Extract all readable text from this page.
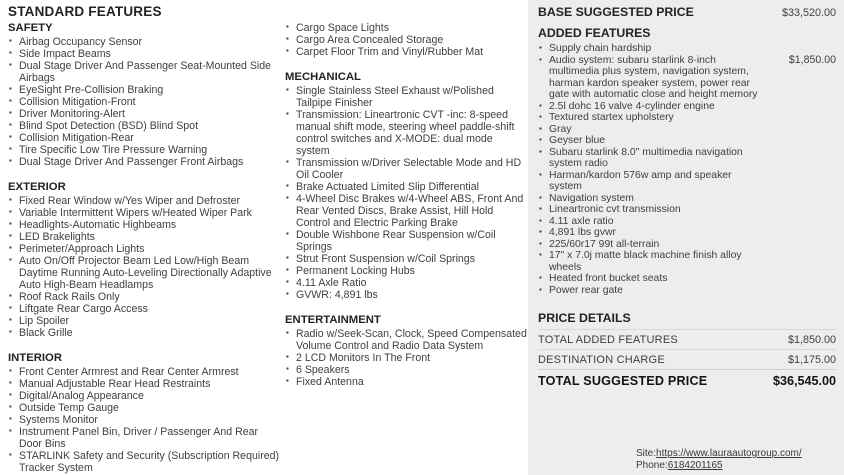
STANDARD FEATURES
SAFETY
▪ Airbag Occupancy Sensor
▪ Side Impact Beams
▪ Dual Stage Driver And Passenger Seat-Mounted Side Airbags
▪ EyeSight Pre-Collision Braking
▪ Collision Mitigation-Front
▪ Driver Monitoring-Alert
▪ Blind Spot Detection (BSD) Blind Spot
▪ Collision Mitigation-Rear
▪ Tire Specific Low Tire Pressure Warning
▪ Dual Stage Driver And Passenger Front Airbags
EXTERIOR
▪ Fixed Rear Window w/Yes Wiper and Defroster
▪ Variable Intermittent Wipers w/Heated Wiper Park
▪ Headlights-Automatic Highbeams
▪ LED Brakelights
▪ Perimeter/Approach Lights
▪ Auto On/Off Projector Beam Led Low/High Beam Daytime Running Auto-Leveling Directionally Adaptive Auto High-Beam Headlamps
▪ Roof Rack Rails Only
▪ Liftgate Rear Cargo Access
▪ Lip Spoiler
▪ Black Grille
INTERIOR
▪ Front Center Armrest and Rear Center Armrest
▪ Manual Adjustable Rear Head Restraints
▪ Digital/Analog Appearance
▪ Outside Temp Gauge
▪ Systems Monitor
▪ Instrument Panel Bin, Driver / Passenger And Rear Door Bins
▪ STARLINK Safety and Security (Subscription Required) Tracker System
▪ Cargo Space Lights
▪ Cargo Area Concealed Storage
▪ Carpet Floor Trim and Vinyl/Rubber Mat
MECHANICAL
▪ Single Stainless Steel Exhaust w/Polished Tailpipe Finisher
▪ Transmission: Lineartronic CVT -inc: 8-speed manual shift mode, steering wheel paddle-shift control switches and X-MODE: dual mode system
▪ Transmission w/Driver Selectable Mode and HD Oil Cooler
▪ Brake Actuated Limited Slip Differential
▪ 4-Wheel Disc Brakes w/4-Wheel ABS, Front And Rear Vented Discs, Brake Assist, Hill Hold Control and Electric Parking Brake
▪ Double Wishbone Rear Suspension w/Coil Springs
▪ Strut Front Suspension w/Coil Springs
▪ Permanent Locking Hubs
▪ 4.11 Axle Ratio
▪ GVWR: 4,891 lbs
ENTERTAINMENT
▪ Radio w/Seek-Scan, Clock, Speed Compensated Volume Control and Radio Data System
▪ 2 LCD Monitors In The Front
▪ 6 Speakers
▪ Fixed Antenna
BASE SUGGESTED PRICE	$33,520.00
ADDED FEATURES
▪ Supply chain hardship
▪ Audio system: subaru starlink 8-inch multimedia plus system, navigation system, harman kardon speaker system, power rear gate with automatic close and height memory
$1,850.00
▪ 2.5l dohc 16 valve 4-cylinder engine
▪ Textured startex upholstery
▪ Gray
▪ Geyser blue
▪ Subaru starlink 8.0" multimedia navigation system radio
▪ Harman/kardon 576w amp and speaker system
▪ Navigation system
▪ Lineartronic cvt transmission
▪ 4.11 axle ratio
▪ 4,891 lbs gvwr
▪ 225/60r17 99t all-terrain
▪ 17" x 7.0j matte black machine finish alloy wheels
▪ Heated front bucket seats
▪ Power rear gate
PRICE DETAILS
TOTAL ADDED FEATURES	$1,850.00
DESTINATION CHARGE	$1,175.00
TOTAL SUGGESTED PRICE	$36,545.00
Site:https://www.lauraautogroup.com/
Phone:6184201165
